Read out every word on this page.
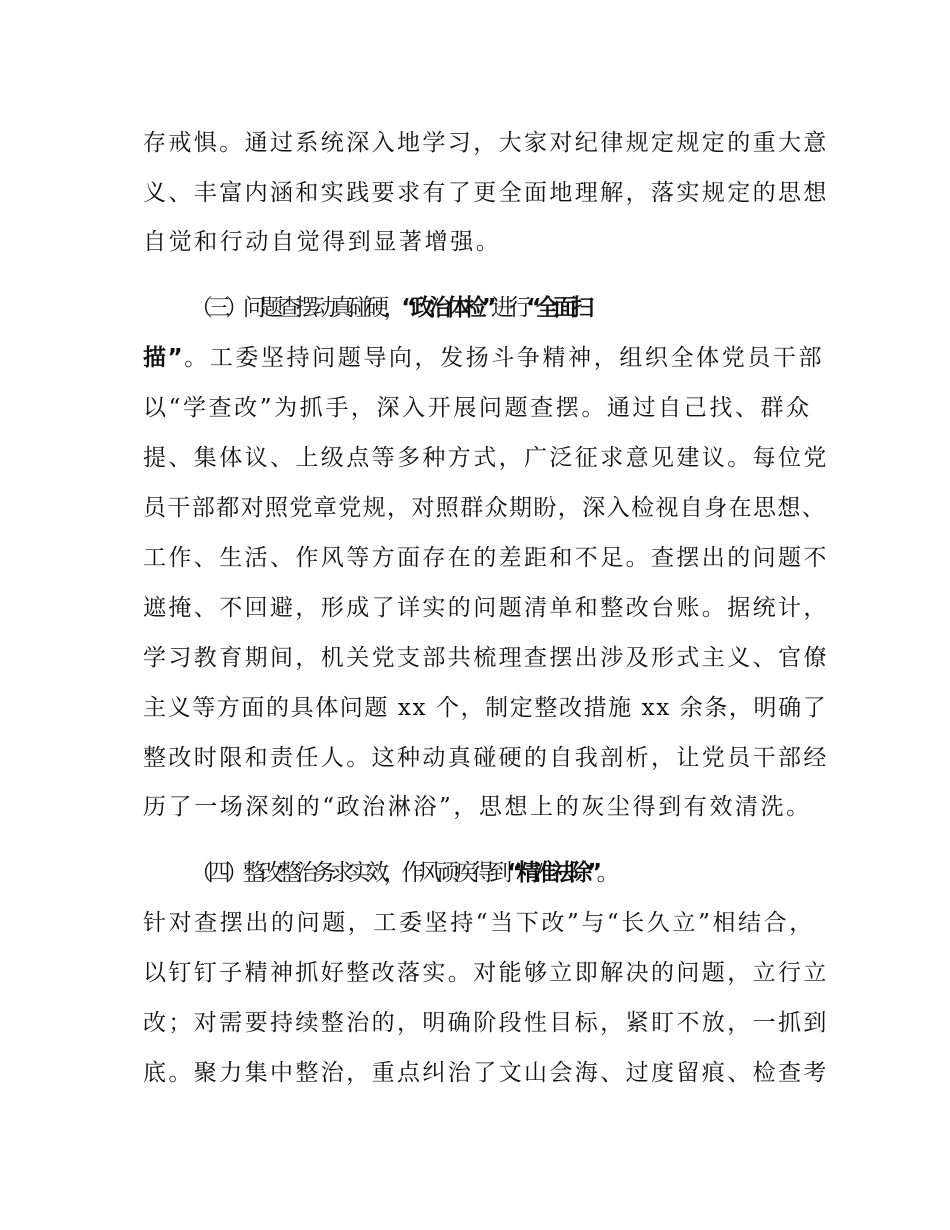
存戒惧。通过系统深入地学习，大家对纪律规定规定的重大意
义、丰富内涵和实践要求有了更全面地理解，落实规定的思想
自觉和行动自觉得到显著增强。
（三）问题查摆动真碰硬，“政治体检”进行“全面扫
描”。工委坚持问题导向，发扬斗争精神，组织全体党员干部
以“学查改”为抓手，深入开展问题查摆。通过自己找、群众
提、集体议、上级点等多种方式，广泛征求意见建议。每位党
员干部都对照党章党规，对照群众期盼，深入检视自身在思想、
工作、生活、作风等方面存在的差距和不足。查摆出的问题不
遮掩、不回避，形成了详实的问题清单和整改台账。据统计，
学习教育期间，机关党支部共梳理查摆出涉及形式主义、官僚
主义等方面的具体问题 xx 个，制定整改措施 xx 余条，明确了
整改时限和责任人。这种动真碰硬的自我剖析，让党员干部经
历了一场深刻的“政治淋浴”，思想上的灰尘得到有效清洗。
（四）整改整治务求实效，作风顽疾得到“精准祛除”。
针对查摆出的问题，工委坚持“当下改”与“长久立”相结合，
以钉钉子精神抓好整改落实。对能够立即解决的问题，立行立
改；对需要持续整治的，明确阶段性目标，紧盯不放，一抓到
底。聚力集中整治，重点纠治了文山会海、过度留痕、检查考
